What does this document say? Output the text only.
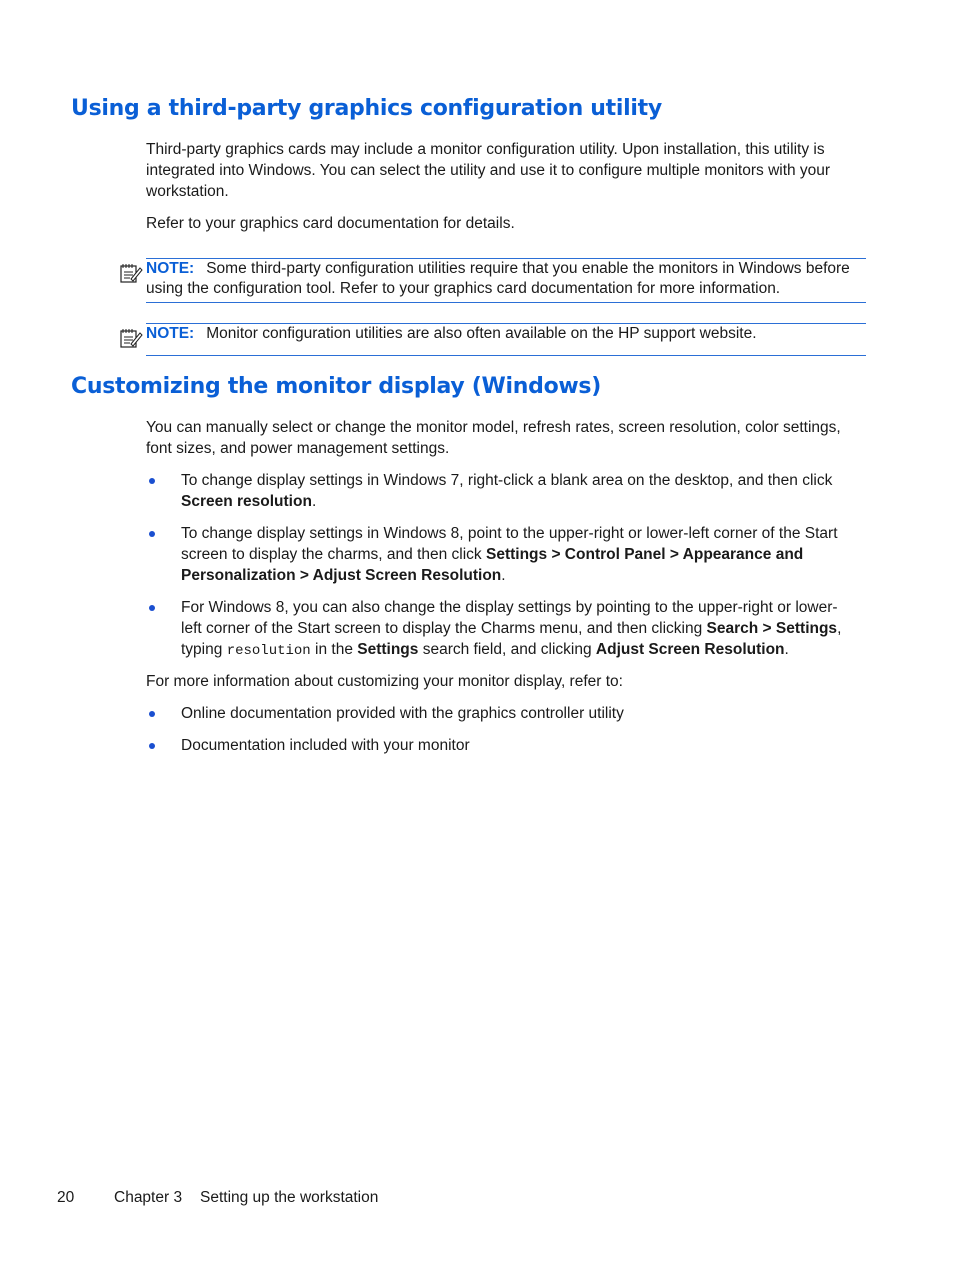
Using a third-party graphics configuration utility

Third-party graphics cards may include a monitor configuration utility. Upon installation, this utility is integrated into Windows. You can select the utility and use it to configure multiple monitors with your workstation.

Refer to your graphics card documentation for details.

NOTE: Some third-party configuration utilities require that you enable the monitors in Windows before using the configuration tool. Refer to your graphics card documentation for more information.
NOTE: Monitor configuration utilities are also often available on the HP support website.
Customizing the monitor display (Windows)

You can manually select or change the monitor model, refresh rates, screen resolution, color settings, font sizes, and power management settings.

To change display settings in Windows 7, right-click a blank area on the desktop, and then click Screen resolution.
To change display settings in Windows 8, point to the upper-right or lower-left corner of the Start screen to display the charms, and then click Settings > Control Panel > Appearance and Personalization > Adjust Screen Resolution.
For Windows 8, you can also change the display settings by pointing to the upper-right or lower-left corner of the Start screen to display the Charms menu, and then clicking Search > Settings, typing resolution in the Settings search field, and clicking Adjust Screen Resolution.

For more information about customizing your monitor display, refer to:

Online documentation provided with the graphics controller utility
Documentation included with your monitor
20	Chapter 3 Setting up the workstation
